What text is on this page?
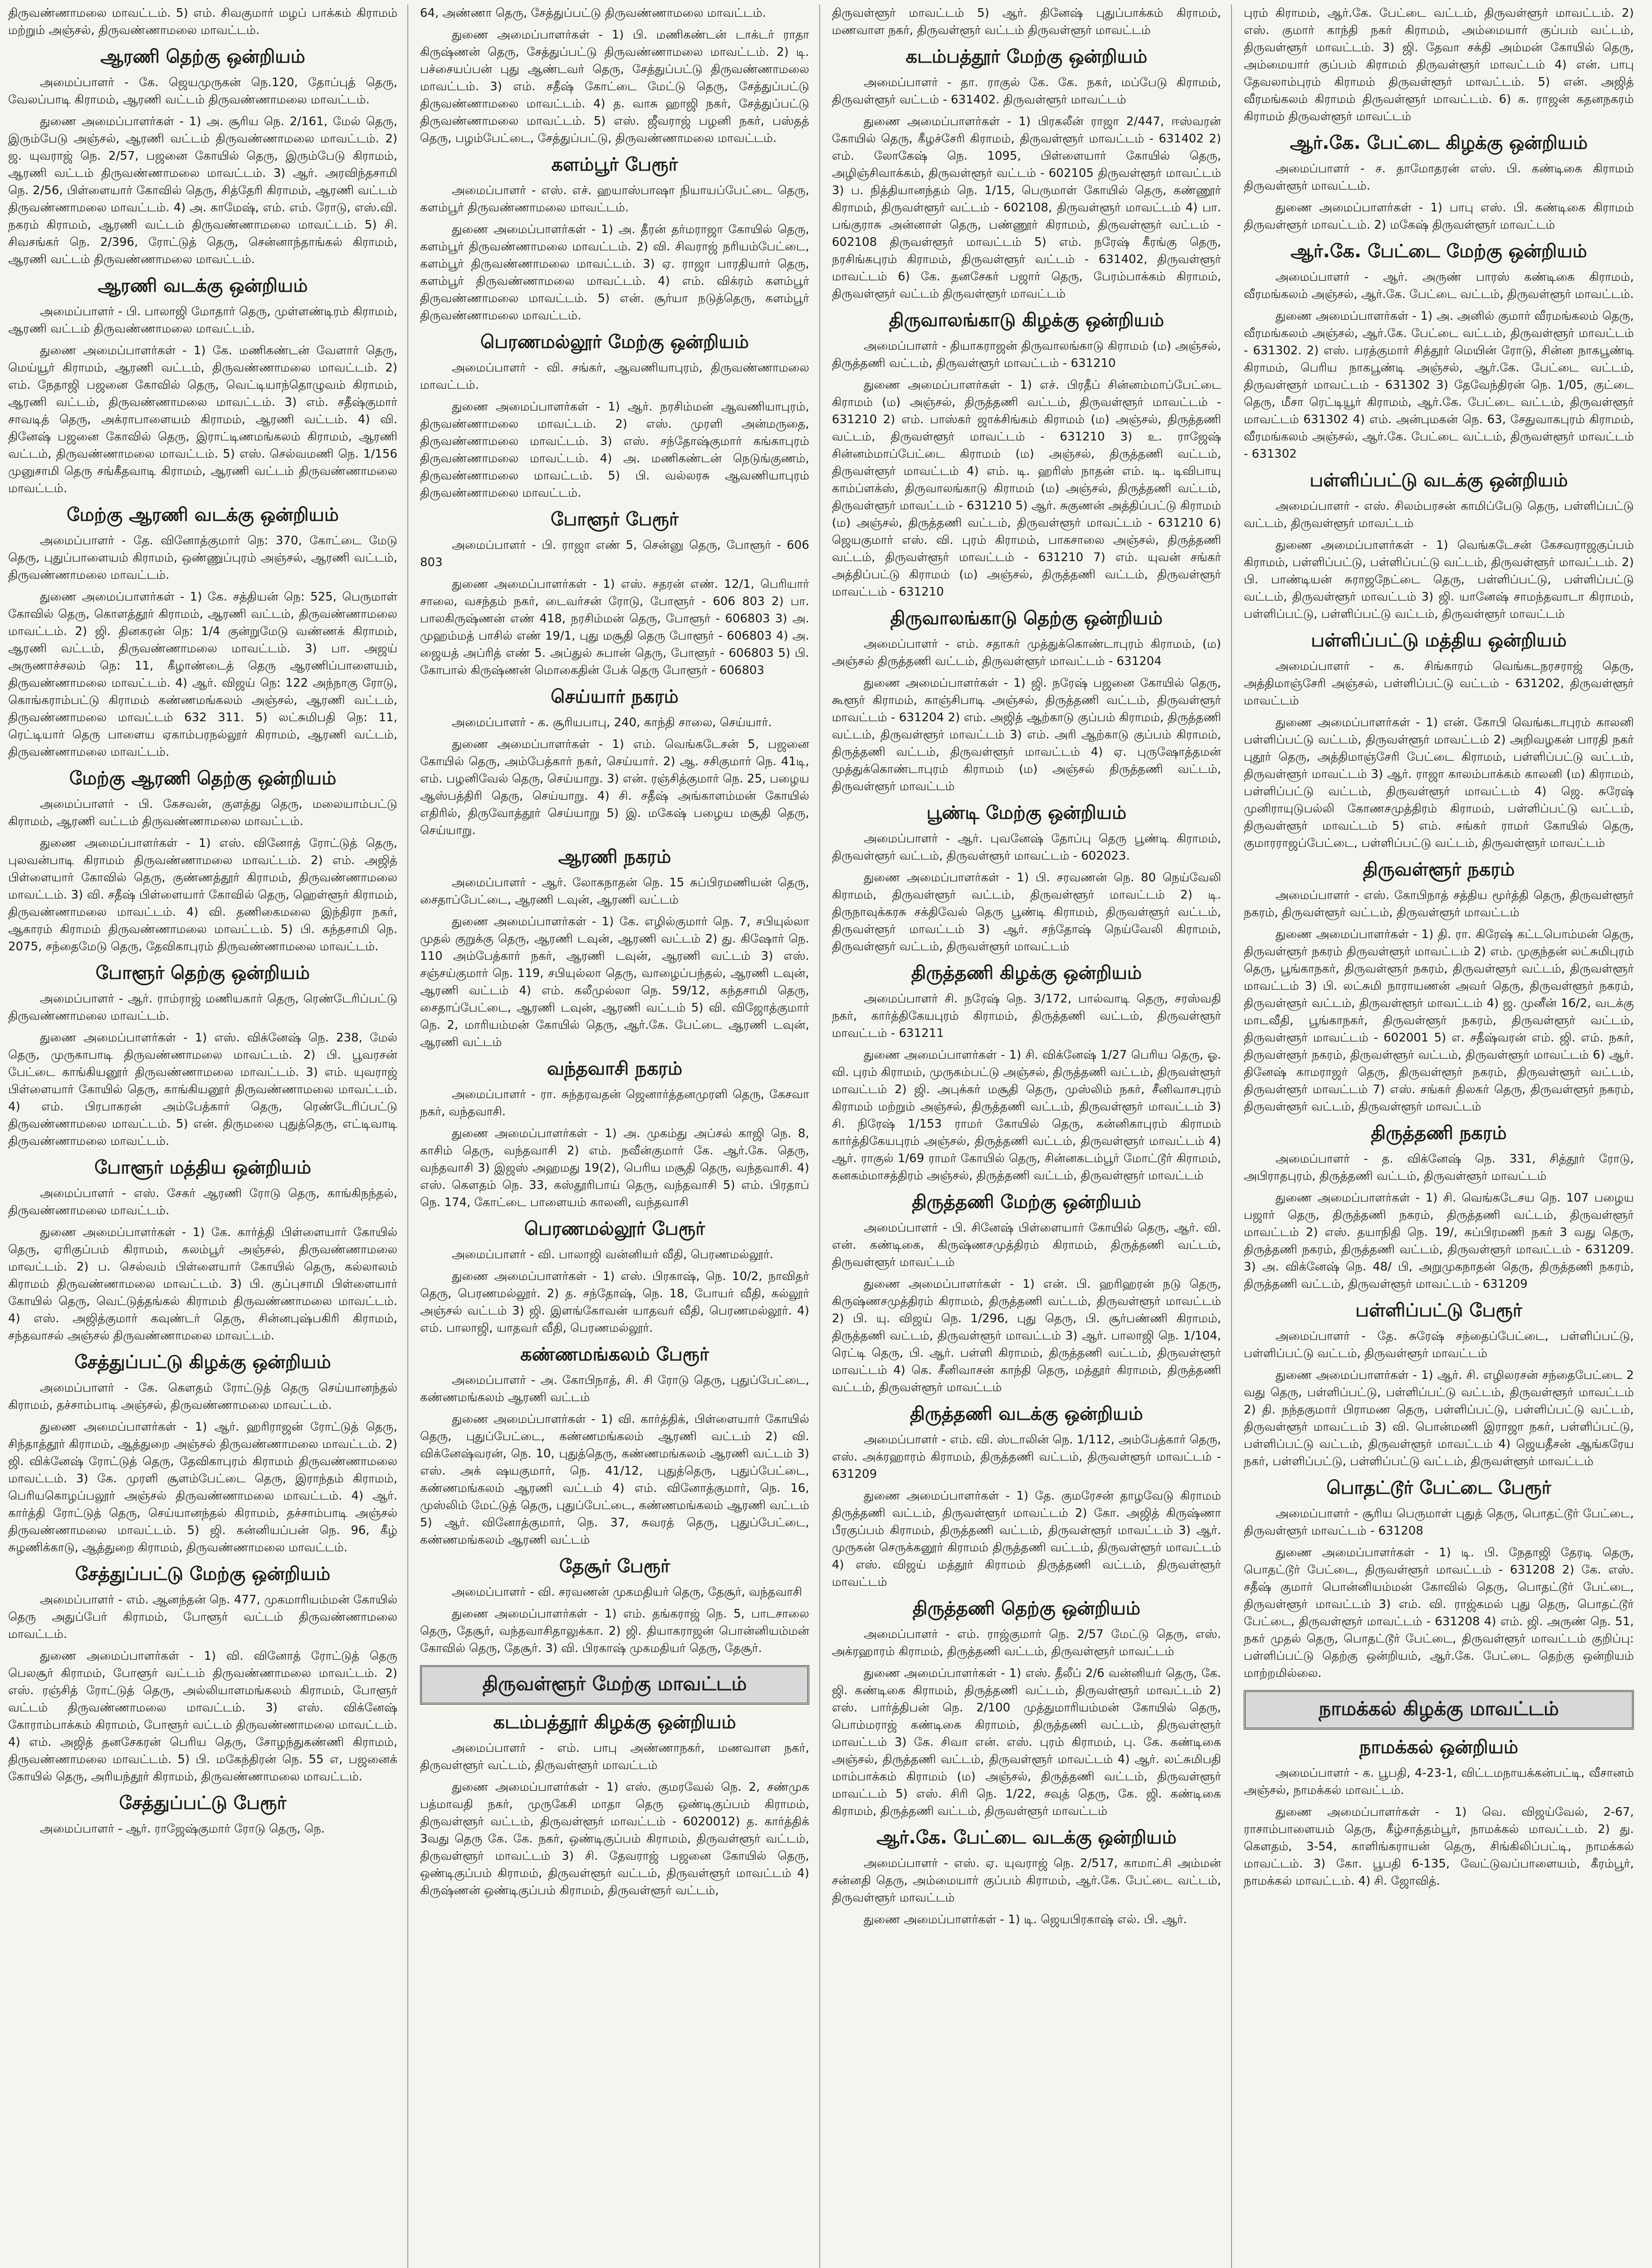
திருவண்ணாமலை மாவட்டம். 5) எம். சிவகுமார் மழப் பாக்கம் கிராமம் மற்றும் அஞ்சல், திருவண்ணாமலை மாவட்டம்.
ஆரணி தெற்கு ஒன்றியம்
அமைப்பாளர் - கே. ஜெயமுருகன் நெ.120, தோப்புத் தெரு, வேலப்பாடி கிராமம், ஆரணி வட்டம் திருவண்ணாமலை மாவட்டம்.
துணை அமைப்பாளர்கள் - 1) அ. சூரிய நெ. 2/161, மேல் தெரு, இரும்பேடு அஞ்சல், ஆரணி வட்டம் திருவண்ணாமலை மாவட்டம். 2) ஜ. யுவராஜ் நெ. 2/57, பஜனை கோயில் தெரு, இரும்பேடு கிராமம், ஆரணி வட்டம் திருவண்ணாமலை மாவட்டம். 3) ஆர். அரவிந்தசாமி நெ. 2/56, பிள்ளையார் கோவில் தெரு, சித்தேரி கிராமம், ஆரணி வட்டம் திருவண்ணாமலை மாவட்டம். 4) அ. காமேஷ், எம். எம். ரோடு, எஸ்.வி. நகரம் கிராமம், ஆரணி வட்டம் திருவண்ணாமலை மாவட்டம். 5) சி. சிவசங்கர் நெ. 2/396, ரோட்டுத் தெரு, சென்னாந்தாங்கல் கிராமம், ஆரணி வட்டம் திருவண்ணாமலை மாவட்டம்.
ஆரணி வடக்கு ஒன்றியம்
அமைப்பாளர் - பி. பாலாஜி மோதார் தெரு, முள்ளண்டிரம் கிராமம், ஆரணி வட்டம் திருவண்ணாமலை மாவட்டம்.
துணை அமைப்பாளர்கள் - 1) கே. மணிகண்டன் வேளார் தெரு, மெய்யூர் கிராமம், ஆரணி வட்டம், திருவண்ணாமலை மாவட்டம். 2) எம். நேதாஜி பஜனை கோவில் தெரு, வெட்டியாந்தொழுவம் கிராமம், ஆரணி வட்டம், திருவண்ணாமலை மாவட்டம். 3) எம். சதீஷ்குமார் சாவடித் தெரு, அக்ராபாளையம் கிராமம், ஆரணி வட்டம். 4) வி. தினேஷ் பஜனை கோவில் தெரு, இராட்டிணமங்கலம் கிராமம், ஆரணி வட்டம், திருவண்ணாமலை மாவட்டம். 5) எஸ். செல்வமணி நெ. 1/156 முனுசாமி தெரு சங்கீதவாடி கிராமம், ஆரணி வட்டம் திருவண்ணாமலை மாவட்டம்.
மேற்கு ஆரணி வடக்கு ஒன்றியம்
அமைப்பாளர் - தே. வினோத்குமார் நெ: 370, கோட்டை மேடு தெரு, புதுப்பாளையம் கிராமம், ஒண்ணுப்புரம் அஞ்சல், ஆரணி வட்டம், திருவண்ணாமலை மாவட்டம்.
துணை அமைப்பாளர்கள் - 1) கே. சத்தியன் நெ: 525, பெருமாள் கோவில் தெரு, கொளத்தூர் கிராமம், ஆரணி வட்டம், திருவண்ணாமலை மாவட்டம். 2) ஜி. தினகரன் நெ: 1/4 குன்றுமேடு வண்ணக் கிராமம், ஆரணி வட்டம், திருவண்ணாமலை மாவட்டம். 3) பா. அஜய் அருணாச்சலம் நெ: 11, கீழாண்டைத் தெரு ஆரணிப்பாளையம், திருவண்ணாமலை மாவட்டம். 4) ஆர். விஜய் நெ: 122 அந்நாகு ரோடு, கொங்கராம்பட்டு கிராமம் கண்ணமங்கலம் அஞ்சல், ஆரணி வட்டம், திருவண்ணாமலை மாவட்டம் 632 311. 5) லட்சுமிபதி நெ: 11, ரெட்டியார் தெரு பாளைய ஏகாம்பரநல்லூர் கிராமம், ஆரணி வட்டம், திருவண்ணாமலை மாவட்டம்.
மேற்கு ஆரணி தெற்கு ஒன்றியம்
அமைப்பாளர் - பி. கேசவன், குளத்து தெரு, மலையாம்பட்டு கிராமம், ஆரணி வட்டம் திருவண்ணாமலை மாவட்டம்.
துணை அமைப்பாளர்கள் - 1) எஸ். வினோத் ரோட்டுத் தெரு, புலவன்பாடி கிராமம் திருவண்ணாமலை மாவட்டம். 2) எம். அஜித் பிள்ளையார் கோவில் தெரு, குண்ணத்தூர் கிராமம், திருவண்ணாமலை மாவட்டம். 3) வி. சதீஷ் பிள்ளையார் கோவில் தெரு, ஹெள்ளூர் கிராமம், திருவண்ணாமலை மாவட்டம். 4) வி. தணிகைமலை இந்திரா நகர், ஆகாரம் கிராமம் திருவண்ணாமலை மாவட்டம். 5) பி. கந்தசாமி நெ. 2075, சந்தைமேடு தெரு, தேவிகாபுரம் திருவண்ணாமலை மாவட்டம்.
போளூர் தெற்கு ஒன்றியம்
அமைப்பாளர் - ஆர். ராம்ராஜ் மணியகார் தெரு, ரெண்டேரிப்பட்டு திருவண்ணாமலை மாவட்டம்.
துணை அமைப்பாளர்கள் - 1) எஸ். விக்னேஷ் நெ. 238, மேல் தெரு, முருகாபாடி திருவண்ணாமலை மாவட்டம். 2) பி. பூவரசன் பேட்டை காங்கியனூர் திருவண்ணாமலை மாவட்டம். 3) எம். யுவராஜ் பிள்ளையார் கோயில் தெரு, காங்கியனூர் திருவண்ணாமலை மாவட்டம். 4) எம். பிரபாகரன் அம்பேத்கார் தெரு, ரெண்டேரிப்பட்டு திருவண்ணாமலை மாவட்டம். 5) என். திருமலை புதுத்தெரு, எட்டிவாடி திருவண்ணாமலை மாவட்டம்.
போளூர் மத்திய ஒன்றியம்
அமைப்பாளர் - எஸ். சேகர் ஆரணி ரோடு தெரு, காங்கிநந்தல், திருவண்ணாமலை மாவட்டம்.
துணை அமைப்பாளர்கள் - 1) கே. கார்த்தி பிள்ளையார் கோயில் தெரு, ஏரிகுப்பம் கிராமம், கலம்பூர் அஞ்சல், திருவண்ணாமலை மாவட்டம். 2) ப. செல்வம் பிள்ளையார் கோயில் தெரு, கல்லாலம் கிராமம் திருவண்ணாமலை மாவட்டம். 3) பி. குப்புசாமி பிள்ளையார் கோயில் தெரு, வெட்டுத்தங்கல் கிராமம் திருவண்ணாமலை மாவட்டம். 4) எஸ். அஜித்குமார் கவுண்டர் தெரு, சின்னபுஷ்பகிரி கிராமம், சந்தவாசல் அஞ்சல் திருவண்ணாமலை மாவட்டம்.
சேத்துப்பட்டு கிழக்கு ஒன்றியம்
அமைப்பாளர் - கே. கௌதம் ரோட்டுத் தெரு செய்யானந்தல் கிராமம், தச்சாம்பாடி அஞ்சல், திருவண்ணாமலை மாவட்டம்.
துணை அமைப்பாளர்கள் - 1) ஆர். ஹரிராஜன் ரோட்டுத் தெரு, சிந்தாத்தூர் கிராமம், ஆத்துறை அஞ்சல் திருவண்ணாமலை மாவட்டம். 2) ஜி. விக்னேஷ் ரோட்டுத் தெரு, தேவிகாபுரம் கிராமம் திருவண்ணாமலை மாவட்டம். 3) கே. முரளி சூளம்பேட்டை தெரு, இராந்தம் கிராமம், பெரியகொழப்பலூர் அஞ்சல் திருவண்ணாமலை மாவட்டம். 4) ஆர். கார்த்தி ரோட்டுத் தெரு, செய்யானந்தல் கிராமம், தச்சாம்பாடி அஞ்சல் திருவண்ணாமலை மாவட்டம். 5) ஜி. கன்னியப்பன் நெ. 96, கீழ் சுழணிக்காடு, ஆத்துறை கிராமம், திருவண்ணாமலை மாவட்டம்.
சேத்துப்பட்டு மேற்கு ஒன்றியம்
அமைப்பாளர் - எம். ஆனந்தன் நெ. 477, முகமாரியம்மன் கோயில் தெரு அதுப்பேர் கிராமம், போளூர் வட்டம் திருவண்ணாமலை மாவட்டம்.
துணை அமைப்பாளர்கள் - 1) வி. வினோத் ரோட்டுத் தெரு பெலசூர் கிராமம், போளூர் வட்டம் திருவண்ணாமலை மாவட்டம். 2) எஸ். ரஞ்சித் ரோட்டுத் தெரு, அல்லியாளமங்கலம் கிராமம், போளூர் வட்டம் திருவண்ணாமலை மாவட்டம். 3) எஸ். விக்னேஷ் கோராம்பாக்கம் கிராமம், போளூர் வட்டம் திருவண்ணாமலை மாவட்டம். 4) எம். அஜித் தனசேகரன் பெரிய தெரு, சோழந்துகண்ணி கிராமம், திருவண்ணாமலை மாவட்டம். 5) பி. மகேந்திரன் நெ. 55 எ, பஜனைக் கோயில் தெரு, அரியந்தூர் கிராமம், திருவண்ணாமலை மாவட்டம்.
சேத்துப்பட்டு பேரூர்
அமைப்பாளர் - ஆர். ராஜேஷ்குமார் ரோடு தெரு, நெ.
64, அண்ணா தெரு, சேத்துப்பட்டு திருவண்ணாமலை மாவட்டம்.
துணை அமைப்பாளர்கள் - 1) பி. மணிகண்டன் டாக்டர் ராதா கிருஷ்ணன் தெரு, சேத்துப்பட்டு திருவண்ணாமலை மாவட்டம். 2) டி. பச்சையப்பன் புது ஆண்டவர் தெரு, சேத்துப்பட்டு திருவண்ணாமலை மாவட்டம். 3) எம். சதீஷ் கோட்டை மேட்டு தெரு, சேத்துப்பட்டு திருவண்ணாமலை மாவட்டம். 4) த. வாசு ஹாஜி நகர், சேத்துப்பட்டு திருவண்ணாமலை மாவட்டம். 5) எஸ். ஜீவராஜ் பழனி நகர், பஸ்தத் தெரு, பழம்பேட்டை, சேத்துப்பட்டு, திருவண்ணாமலை மாவட்டம்.
களம்பூர் பேரூர்
அமைப்பாளர் - எஸ். எச். ஹயாஸ்பாஷா நியாயப்பேட்டை தெரு, களம்பூர் திருவண்ணாமலை மாவட்டம்.
துணை அமைப்பாளர்கள் - 1) அ. தீரன் தர்மராஜா கோயில் தெரு, களம்பூர் திருவண்ணாமலை மாவட்டம். 2) வி. சிவராஜ் நரியம்பேட்டை, களம்பூர் திருவண்ணாமலை மாவட்டம். 3) ஏ. ராஜா பாரதியார் தெரு, களம்பூர் திருவண்ணாமலை மாவட்டம். 4) எம். விக்ரம் களம்பூர் திருவண்ணாமலை மாவட்டம். 5) என். சூர்யா நடுத்தெரு, களம்பூர் திருவண்ணாமலை மாவட்டம்.
பெரணமல்லூர் மேற்கு ஒன்றியம்
அமைப்பாளர் - வி. சங்கர், ஆவணியாபுரம், திருவண்ணாமலை மாவட்டம்.
துணை அமைப்பாளர்கள் - 1) ஆர். நரசிம்மன் ஆவணியாபுரம், திருவண்ணாமலை மாவட்டம். 2) எஸ். முரளி அன்மருதை, திருவண்ணாமலை மாவட்டம். 3) எஸ். சந்தோஷ்குமார் கங்காபுரம் திருவண்ணாமலை மாவட்டம். 4) அ. மணிகண்டன் நெடுங்குணம், திருவண்ணாமலை மாவட்டம். 5) பி. வல்லரசு ஆவணியாபுரம் திருவண்ணாமலை மாவட்டம்.
போளூர் பேரூர்
அமைப்பாளர் - பி. ராஜா எண் 5, சென்னு தெரு, போளூர் - 606 803
துணை அமைப்பாளர்கள் - 1) எஸ். சதரன் எண். 12/1, பெரியார் சாலை, வசந்தம் நகர், டைவர்சன் ரோடு, போளூர் - 606 803 2) பா. பாலகிருஷ்ணன் எண் 418, நரசிம்மன் தெரு, போளூர் - 606803 3) அ. முஹம்மத் பாசில் எண் 19/1, புது மசூதி தெரு போளூர் - 606803 4) அ. ஜையத் அப்ரித் எண் 5. அப்துல் சுபான் தெரு, போளூர் - 606803 5) பி. கோபால் கிருஷ்ணன் மொகைதின் பேக் தெரு போளூர் - 606803
செய்யார் நகரம்
அமைப்பாளர் - க. சூரியபாபு, 240, காந்தி சாலை, செய்யார்.
துணை அமைப்பாளர்கள் - 1) எம். வெங்கடேசன் 5, பஜனை கோயில் தெரு, அம்பேத்கார் நகர், செய்யார். 2) ஆ. சசிகுமார் நெ. 41டி, எம். பழனிவேல் தெரு, செய்யாறு. 3) என். ரஞ்சித்குமார் நெ. 25, பழைய ஆஸ்பத்திரி தெரு, செய்யாறு. 4) சி. சதீஷ் அங்காளம்மன் கோயில் எதிரில், திருவோத்தூர் செய்யாறு 5) இ. மகேஷ் பழைய மசூதி தெரு, செய்யாறு.
ஆரணி நகரம்
அமைப்பாளர் - ஆர். லோகநாதன் நெ. 15 சுப்பிரமணியன் தெரு, சைதாப்பேட்டை, ஆரணி டவுன், ஆரணி வட்டம்
துணை அமைப்பாளர்கள் - 1) கே. எழில்குமார் நெ. 7, சபியுல்லா முதல் குறுக்கு தெரு, ஆரணி டவுன், ஆரணி வட்டம் 2) து. கிஷோர் நெ. 110 அம்பேத்கார் நகர், ஆரணி டவுன், ஆரணி வட்டம் 3) எஸ். சஞ்சய்குமார் நெ. 119, சபியுல்லா தெரு, வாழைப்பந்தல், ஆரணி டவுன், ஆரணி வட்டம் 4) எம். கலீமுல்லா நெ. 59/12, கந்தசாமி தெரு, சைதாப்பேட்டை, ஆரணி டவுன், ஆரணி வட்டம் 5) வி. விஜோத்குமார் நெ. 2, மாரியம்மன் கோயில் தெரு, ஆர்.கே. பேட்டை ஆரணி டவுன், ஆரணி வட்டம்
வந்தவாசி நகரம்
அமைப்பாளர் - ரா. சுந்தரவதன் ஜெனார்த்தனமுரளி தெரு, கேசவா நகர், வந்தவாசி.
துணை அமைப்பாளர்கள் - 1) அ. முகம்து அப்சல் காஜி நெ. 8, காசிம் தெரு, வந்தவாசி 2) எம். நவீன்குமார் கே. ஆர்.கே. தெரு, வந்தவாசி 3) இஜஸ் அஹமது 19(2), பெரிய மசூதி தெரு, வந்தவாசி. 4) எஸ். கௌதம் நெ. 33, கஸ்தூரிபாய் தெரு, வந்தவாசி 5) எம். பிரதாப் நெ. 174, கோட்டை பாளையம் காலனி, வந்தவாசி
பெரணமல்லூர் பேரூர்
அமைப்பாளர் - வி. பாலாஜி வன்னியர் வீதி, பெரணமல்லூர்.
துணை அமைப்பாளர்கள் - 1) எஸ். பிரகாஷ், நெ. 10/2, நாவிதர் தெரு, பெரணமல்லூர். 2) த. சந்தோஷ், நெ. 18, போயர் வீதி, கல்லூர் அஞ்சல் வட்டம் 3) ஜி. இளங்கோவன் யாதவர் வீதி, பெரணமல்லூர். 4) எம். பாலாஜி, யாதவர் வீதி, பெரணமல்லூர்.
கண்ணமங்கலம் பேரூர்
அமைப்பாளர் - அ. கோபிநாத், சி. சி ரோடு தெரு, புதுப்பேட்டை, கண்ணமங்கலம் ஆரணி வட்டம்
துணை அமைப்பாளர்கள் - 1) வி. கார்த்திக், பிள்ளையார் கோயில் தெரு, புதுப்பேட்டை, கண்ணமங்கலம் ஆரணி வட்டம் 2) வி. விக்னேஷ்வரன், நெ. 10, புதுத்தெரு, கண்ணமங்கலம் ஆரணி வட்டம் 3) எஸ். அக் ஷயகுமார், நெ. 41/12, புதுத்தெரு, புதுப்பேட்டை, கண்ணமங்கலம் ஆரணி வட்டம் 4) எம். வினோத்குமார், நெ. 16, முஸ்லிம் மேட்டுத் தெரு, புதுப்பேட்டை, கண்ணமங்கலம் ஆரணி வட்டம் 5) ஆர். வினோத்குமார், நெ. 37, சுவரத் தெரு, புதுப்பேட்டை, கண்ணமங்கலம் ஆரணி வட்டம்
தேசூர் பேரூர்
அமைப்பாளர் - வி. சரவணன் முகமதியர் தெரு, தேசூர், வந்தவாசி
துணை அமைப்பாளர்கள் - 1) எம். தங்கராஜ் நெ. 5, பாடசாலை தெரு, தேசூர், வந்தவாசிதாலுக்கா. 2) ஜி. தியாகராஜன் பொன்னியம்மன் கோவில் தெரு, தேசூர். 3) வி. பிரகாஷ் முகமதியர் தெரு, தேசூர்.
திருவள்ளூர் மேற்கு மாவட்டம்
கடம்பத்தூர் கிழக்கு ஒன்றியம்
அமைப்பாளர் - எம். பாபு அண்ணாநகர், மணவாள நகர், திருவள்ளூர் வட்டம், திருவள்ளூர் மாவட்டம்
துணை அமைப்பாளர்கள் - 1) எஸ். குமரவேல் நெ. 2, சண்முக பத்மாவதி நகர், முருகேசி மாதா தெரு ஒண்டிகுப்பம் கிராமம், திருவள்ளூர் வட்டம், திருவள்ளூர் மாவட்டம் - 6020012) த. கார்த்திக் 3வது தெரு கே. கே. நகர், ஒண்டிகுப்பம் கிராமம், திருவள்ளூர் வட்டம், திருவள்ளூர் மாவட்டம் 3) சி. தேவராஜ் பஜனை கோயில் தெரு, ஒண்டிகுப்பம் கிராமம், திருவள்ளூர் வட்டம், திருவள்ளூர் மாவட்டம் 4) கிருஷ்ணன் ஒண்டிகுப்பம் கிராமம், திருவள்ளூர் வட்டம்,
திருவள்ளூர் மாவட்டம் 5) ஆர். தினேஷ் புதுப்பாக்கம் கிராமம், மணவாள நகர், திருவள்ளூர் வட்டம் திருவள்ளூர் மாவட்டம்
கடம்பத்தூர் மேற்கு ஒன்றியம்
அமைப்பாளர் - தா. ராகுல் கே. கே. நகர், மப்பேடு கிராமம், திருவள்ளூர் வட்டம் - 631402. திருவள்ளூர் மாவட்டம்
துணை அமைப்பாளர்கள் - 1) பிரகலீன் ராஜா 2/447, ஈஸ்வரன் கோயில் தெரு, கீழச்சேரி கிராமம், திருவள்ளூர் மாவட்டம் - 631402 2) எம். லோகேஷ் நெ. 1095, பிள்ளையார் கோயில் தெரு, அழிஞ்சிவாக்கம், திருவள்ளூர் வட்டம் - 602105 திருவள்ளூர் மாவட்டம் 3) ப. நித்தியானந்தம் நெ. 1/15, பெருமாள் கோயில் தெரு, கண்ணூர் கிராமம், திருவள்ளூர் வட்டம் - 602108, திருவள்ளூர் மாவட்டம் 4) பா. பங்குராசு அன்னாள் தெரு, பண்ணூர் கிராமம், திருவள்ளூர் வட்டம் - 602108 திருவள்ளூர் மாவட்டம் 5) எம். நரேஷ் கீரங்கு தெரு, நரசிங்கபுரம் கிராமம், திருவள்ளூர் வட்டம் - 631402, திருவள்ளூர் மாவட்டம் 6) கே. தனசேகர் பஜார் தெரு, பேரம்பாக்கம் கிராமம், திருவள்ளூர் வட்டம் திருவள்ளூர் மாவட்டம்
திருவாலங்காடு கிழக்கு ஒன்றியம்
அமைப்பாளர் - தியாகராஜன் திருவாலங்காடு கிராமம் (ம) அஞ்சல், திருத்தணி வட்டம், திருவள்ளூர் மாவட்டம் - 631210
துணை அமைப்பாளர்கள் - 1) எச். பிரதீப் சின்னம்மாப்பேட்டை கிராமம் (ம) அஞ்சல், திருத்தணி வட்டம், திருவள்ளூர் மாவட்டம் - 631210 2) எம். பாஸ்கர் ஜாக்சிங்கம் கிராமம் (ம) அஞ்சல், திருத்தணி வட்டம், திருவள்ளூர் மாவட்டம் - 631210 3) உ. ராஜேஷ் சின்னம்மாப்பேட்டை கிராமம் (ம) அஞ்சல், திருத்தணி வட்டம், திருவள்ளூர் மாவட்டம் 4) எம். டி. ஹரிஸ் நாதன் எம். டி. டிவிபாயு காம்ப்ளக்ஸ், திருவாலங்காடு கிராமம் (ம) அஞ்சல், திருத்தணி வட்டம், திருவள்ளூர் மாவட்டம் - 631210 5) ஆர். சுகுணன் அத்திப்பட்டு கிராமம் (ம) அஞ்சல், திருத்தணி வட்டம், திருவள்ளூர் மாவட்டம் - 631210 6) ஜெயகுமார் எஸ். வி. புரம் கிராமம், பாகசாலை அஞ்சல், திருத்தணி வட்டம், திருவள்ளூர் மாவட்டம் - 631210 7) எம். யுவன் சங்கர் அத்திப்பட்டு கிராமம் (ம) அஞ்சல், திருத்தணி வட்டம், திருவள்ளூர் மாவட்டம் - 631210
திருவாலங்காடு தெற்கு ஒன்றியம்
அமைப்பாளர் - எம். சதாகர் முத்துக்கொண்டாபுரம் கிராமம், (ம) அஞ்சல் திருத்தணி வட்டம், திருவள்ளூர் மாவட்டம் - 631204
துணை அமைப்பாளர்கள் - 1) ஜி. நரேஷ் பஜனை கோயில் தெரு, கூளூர் கிராமம், காஞ்சிபாடி அஞ்சல், திருத்தணி வட்டம், திருவள்ளூர் மாவட்டம் - 631204 2) எம். அஜித் ஆற்காடு குப்பம் கிராமம், திருத்தணி வட்டம், திருவள்ளூர் மாவட்டம் 3) எம். அரி ஆற்காடு குப்பம் கிராமம், திருத்தணி வட்டம், திருவள்ளூர் மாவட்டம் 4) ஏ. புருஷோத்தமன் முத்துக்கொண்டாபுரம் கிராமம் (ம) அஞ்சல் திருத்தணி வட்டம், திருவள்ளூர் மாவட்டம்
பூண்டி மேற்கு ஒன்றியம்
அமைப்பாளர் - ஆர். புவனேஷ் தோப்பு தெரு பூண்டி கிராமம், திருவள்ளூர் வட்டம், திருவள்ளூர் மாவட்டம் - 602023.
துணை அமைப்பாளர்கள் - 1) பி. சரவணன் நெ. 80 நெய்வேலி கிராமம், திருவள்ளூர் வட்டம், திருவள்ளூர் மாவட்டம் 2) டி. திருநாவுக்கரசு சக்திவேல் தெரு பூண்டி கிராமம், திருவள்ளூர் வட்டம், திருவள்ளூர் மாவட்டம் 3) ஆர். சந்தோஷ் நெய்வேலி கிராமம், திருவள்ளூர் வட்டம், திருவள்ளூர் மாவட்டம்
திருத்தணி கிழக்கு ஒன்றியம்
அமைப்பாளர் சி. நரேஷ் நெ. 3/172, பால்வாடி தெரு, சரஸ்வதி நகர், கார்த்திகேயபுரம் கிராமம், திருத்தணி வட்டம், திருவள்ளூர் மாவட்டம் - 631211
துணை அமைப்பாளர்கள் - 1) சி. விக்னேஷ் 1/27 பெரிய தெரு, ஓ. வி. புரம் கிராமம், முருகம்பட்டு அஞ்சல், திருத்தணி வட்டம், திருவள்ளூர் மாவட்டம் 2) ஜி. அபுக்கர் மசூதி தெரு, முஸ்லிம் நகர், சீனிவாசபுரம் கிராமம் மற்றும் அஞ்சல், திருத்தணி வட்டம், திருவள்ளூர் மாவட்டம் 3) சி. நிரேஷ் 1/153 ராமர் கோயில் தெரு, கன்னிகாபுரம் கிராமம் கார்த்திகேயபுரம் அஞ்சல், திருத்தணி வட்டம், திருவள்ளூர் மாவட்டம் 4) ஆர். ராகுல் 1/69 ராமர் கோயில் தெரு, சின்னகடம்பூர் மோட்டூர் கிராமம், கனகம்மாசத்திரம் அஞ்சல், திருத்தணி வட்டம், திருவள்ளூர் மாவட்டம்
திருத்தணி மேற்கு ஒன்றியம்
அமைப்பாளர் - பி. சினேஷ் பிள்ளையார் கோயில் தெரு, ஆர். வி. என். கண்டிகை, கிருஷ்ணசமுத்திரம் கிராமம், திருத்தணி வட்டம், திருவள்ளூர் மாவட்டம்
துணை அமைப்பாளர்கள் - 1) என். பி. ஹரிஹரன் நடு தெரு, கிருஷ்ணசமுத்திரம் கிராமம், திருத்தணி வட்டம், திருவள்ளூர் மாவட்டம் 2) பி. யு. விஜய் நெ. 1/296, புது தெரு, பி. சூர்பண்ணி கிராமம், திருத்தணி வட்டம், திருவள்ளூர் மாவட்டம் 3) ஆர். பாலாஜி நெ. 1/104, ரெட்டி தெரு, பி. ஆர். பள்ளி கிராமம், திருத்தணி வட்டம், திருவள்ளூர் மாவட்டம் 4) கெ. சீனிவாசன் காந்தி தெரு, மத்தூர் கிராமம், திருத்தணி வட்டம், திருவள்ளூர் மாவட்டம்
திருத்தணி வடக்கு ஒன்றியம்
அமைப்பாளர் - எம். வி. ஸ்டாலின் நெ. 1/112, அம்பேத்கார் தெரு, எஸ். அக்ரஹாரம் கிராமம், திருத்தணி வட்டம், திருவள்ளூர் மாவட்டம் - 631209
துணை அமைப்பாளர்கள் - 1) தே. குமரேசன் தாழவேடு கிராமம் திருத்தணி வட்டம், திருவள்ளூர் மாவட்டம் 2) கோ. அஜித் கிருஷ்ணா பீரகுப்பம் கிராமம், திருத்தணி வட்டம், திருவள்ளூர் மாவட்டம் 3) ஆர். முருகன் செருக்கனூர் கிராமம் திருத்தணி வட்டம், திருவள்ளூர் மாவட்டம் 4) எஸ். விஜய் மத்தூர் கிராமம் திருத்தணி வட்டம், திருவள்ளூர் மாவட்டம்
திருத்தணி தெற்கு ஒன்றியம்
அமைப்பாளர் - எம். ராஜ்குமார் நெ. 2/57 மேட்டு தெரு, எஸ். அக்ரஹாரம் கிராமம், திருத்தணி வட்டம், திருவள்ளூர் மாவட்டம்
துணை அமைப்பாளர்கள் - 1) எஸ். தீலீப் 2/6 வன்னியர் தெரு, கே. ஜி. கண்டிகை கிராமம், திருத்தணி வட்டம், திருவள்ளூர் மாவட்டம் 2) எஸ். பார்த்திபன் நெ. 2/100 முத்துமாரியம்மன் கோயில் தெரு, பொம்மராஜ் கண்டிகை கிராமம், திருத்தணி வட்டம், திருவள்ளூர் மாவட்டம் 3) கே. சிவா என். எஸ். புரம் கிராமம், பு. கே. கண்டிகை அஞ்சல், திருத்தணி வட்டம், திருவள்ளூர் மாவட்டம் 4) ஆர். லட்சுமிபதி மாம்பாக்கம் கிராமம் (ம) அஞ்சல், திருத்தணி வட்டம், திருவள்ளூர் மாவட்டம் 5) எஸ். சிரி நெ. 1/22, சவுத் தெரு, கே. ஜி. கண்டிகை கிராமம், திருத்தணி வட்டம், திருவள்ளூர் மாவட்டம்
ஆர்.கே. பேட்டை வடக்கு ஒன்றியம்
அமைப்பாளர் - எஸ். ஏ. யுவராஜ் நெ. 2/517, காமாட்சி அம்மன் சன்னதி தெரு, அம்மையார் குப்பம் கிராமம், ஆர்.கே. பேட்டை வட்டம், திருவள்ளூர் மாவட்டம்
துணை அமைப்பாளர்கள் - 1) டி. ஜெயபிரகாஷ் எல். பி. ஆர்.
புரம் கிராமம், ஆர்.கே. பேட்டை வட்டம், திருவள்ளூர் மாவட்டம். 2) எஸ். குமார் காந்தி நகர் கிராமம், அம்மையார் குப்பம் வட்டம், திருவள்ளூர் மாவட்டம். 3) ஜி. தேவா சக்தி அம்மன் கோயில் தெரு, அம்மையார் குப்பம் கிராமம் திருவள்ளூர் மாவட்டம் 4) என். பாபு தேவலாம்புரம் கிராமம் திருவள்ளூர் மாவட்டம். 5) என். அஜித் வீரமங்கலம் கிராமம் திருவள்ளூர் மாவட்டம். 6) க. ராஜன் கதனநகரம் கிராமம் திருவள்ளூர் மாவட்டம்
ஆர்.கே. பேட்டை கிழக்கு ஒன்றியம்
அமைப்பாளர் - ச. தாமோதரன் எஸ். பி. கண்டிகை கிராமம் திருவள்ளூர் மாவட்டம்.
துணை அமைப்பாளர்கள் - 1) பாபு எஸ். பி. கண்டிகை கிராமம் திருவள்ளூர் மாவட்டம். 2) மகேஷ் திருவள்ளூர் மாவட்டம்
ஆர்.கே. பேட்டை மேற்கு ஒன்றியம்
அமைப்பாளர் - ஆர். அருண் பாரஸ் கண்டிகை கிராமம், வீரமங்கலம் அஞ்சல், ஆர்.கே. பேட்டை வட்டம், திருவள்ளூர் மாவட்டம்.
துணை அமைப்பாளர்கள் - 1) அ. அனில் குமார் வீரமங்கலம் தெரு, வீரமங்கலம் அஞ்சல், ஆர்.கே. பேட்டை வட்டம், திருவள்ளூர் மாவட்டம் - 631302. 2) எஸ். பரத்குமார் சித்தூர் மெயின் ரோடு, சின்ன நாகபூண்டி கிராமம், பெரிய நாகபூண்டி அஞ்சல், ஆர்.கே. பேட்டை வட்டம், திருவள்ளூர் மாவட்டம் - 631302 3) தேவேந்திரன் நெ. 1/05, குட்டை தெரு, மீசா ரெட்டியூர் கிராமம், ஆர்.கே. பேட்டை வட்டம், திருவள்ளூர் மாவட்டம் 631302 4) எம். அன்புமகன் நெ. 63, சேதுவாகபுரம் கிராமம், வீரமங்கலம் அஞ்சல், ஆர்.கே. பேட்டை வட்டம், திருவள்ளூர் மாவட்டம் - 631302
பள்ளிப்பட்டு வடக்கு ஒன்றியம்
அமைப்பாளர் - எஸ். சிலம்பரசன் காமிப்பேடு தெரு, பள்ளிப்பட்டு வட்டம், திருவள்ளூர் மாவட்டம்
துணை அமைப்பாளர்கள் - 1) வெங்கடேசன் கேசவராஜகுப்பம் கிராமம், பள்ளிப்பட்டு, பள்ளிப்பட்டு வட்டம், திருவள்ளூர் மாவட்டம். 2) பி. பாண்டியன் சுராஜநேட்டை தெரு, பள்ளிப்பட்டு, பள்ளிப்பட்டு வட்டம், திருவள்ளூர் மாவட்டம் 3) ஜி. யானேஷ் சாமந்தவாடா கிராமம், பள்ளிப்பட்டு, பள்ளிப்பட்டு வட்டம், திருவள்ளூர் மாவட்டம்
பள்ளிப்பட்டு மத்திய ஒன்றியம்
அமைப்பாளர் - க. சிங்காரம் வெங்கடநரசராஜ் தெரு, அத்திமாஞ்சேரி அஞ்சல், பள்ளிப்பட்டு வட்டம் - 631202, திருவள்ளூர் மாவட்டம்
துணை அமைப்பாளர்கள் - 1) என். கோபி வெங்கடாபுரம் காலனி பள்ளிப்பட்டு வட்டம், திருவள்ளூர் மாவட்டம் 2) அறிவழகன் பாரதி நகர் புதூர் தெரு, அத்திமாஞ்சேரி பேட்டை கிராமம், பள்ளிப்பட்டு வட்டம், திருவள்ளூர் மாவட்டம் 3) ஆர். ராஜா காலம்பாக்கம் காலனி (ம) கிராமம், பள்ளிப்பட்டு வட்டம், திருவள்ளூர் மாவட்டம் 4) ஜெ. சுரேஷ் முனிராயுடுபல்லி கோணசமுத்திரம் கிராமம், பள்ளிப்பட்டு வட்டம், திருவள்ளூர் மாவட்டம் 5) எம். சங்கர் ராமர் கோயில் தெரு, குமாரராஜப்பேட்டை, பள்ளிப்பட்டு வட்டம், திருவள்ளூர் மாவட்டம்
திருவள்ளூர் நகரம்
அமைப்பாளர் - எஸ். கோபிநாத் சத்திய மூர்த்தி தெரு, திருவள்ளூர் நகரம், திருவள்ளூர் வட்டம், திருவள்ளூர் மாவட்டம்
துணை அமைப்பாளர்கள் - 1) தி. ரா. கிரேஷ் கட்டபொம்மன் தெரு, திருவள்ளூர் நகரம் திருவள்ளூர் மாவட்டம் 2) எம். முகுந்தன் லட்சுமிபுரம் தெரு, பூங்காநகர், திருவள்ளூர் நகரம், திருவள்ளூர் வட்டம், திருவள்ளூர் மாவட்டம் 3) பி. லட்சுமி நாராயணன் அவர் தெரு, திருவள்ளூர் நகரம், திருவள்ளூர் வட்டம், திருவள்ளூர் மாவட்டம் 4) ஜ. முனீன் 16/2, வடக்கு மாடவீதி, பூங்காநகர், திருவள்ளூர் நகரம், திருவள்ளூர் வட்டம், திருவள்ளூர் மாவட்டம் - 602001 5) எ. சதீஷ்வரன் எம். ஜி. எம். நகர், திருவள்ளூர் நகரம், திருவள்ளூர் வட்டம், திருவள்ளூர் மாவட்டம் 6) ஆர். தினேஷ் காமராஜர் தெரு, திருவள்ளூர் நகரம், திருவள்ளூர் வட்டம், திருவள்ளூர் மாவட்டம் 7) எஸ். சங்கர் திலகர் தெரு, திருவள்ளூர் நகரம், திருவள்ளூர் வட்டம், திருவள்ளூர் மாவட்டம்
திருத்தணி நகரம்
அமைப்பாளர் - த. விக்னேஷ் நெ. 331, சித்தூர் ரோடு, அபிராதபுரம், திருத்தணி வட்டம், திருவள்ளூர் மாவட்டம்
துணை அமைப்பாளர்கள் - 1) சி. வெங்கடேசய நெ. 107 பழைய பஜார் தெரு, திருத்தணி நகரம், திருத்தணி வட்டம், திருவள்ளூர் மாவட்டம் 2) எஸ். தயாநிதி நெ. 19/, சுப்பிரமணி நகர் 3 வது தெரு, திருத்தணி நகரம், திருத்தணி வட்டம், திருவள்ளூர் மாவட்டம் - 631209. 3) அ. விக்னேஷ் நெ. 48/ பி, அறுமுகநாதன் தெரு, திருத்தணி நகரம், திருத்தணி வட்டம், திருவள்ளூர் மாவட்டம் - 631209
பள்ளிப்பட்டு பேரூர்
அமைப்பாளர் - தே. சுரேஷ் சந்தைப்பேட்டை, பள்ளிப்பட்டு, பள்ளிப்பட்டு வட்டம், திருவள்ளூர் மாவட்டம்
துணை அமைப்பாளர்கள் - 1) ஆர். சி. எழிலரசன் சந்தைபேட்டை 2 வது தெரு, பள்ளிப்பட்டு, பள்ளிப்பட்டு வட்டம், திருவள்ளூர் மாவட்டம் 2) தி. நந்தகுமார் பிராமண தெரு, பள்ளிப்பட்டு, பள்ளிப்பட்டு வட்டம், திருவள்ளூர் மாவட்டம் 3) வி. பொன்மணி இராஜா நகர், பள்ளிப்பட்டு, பள்ளிப்பட்டு வட்டம், திருவள்ளூர் மாவட்டம் 4) ஜெயதீசன் ஆங்கரேய நகர், பள்ளிப்பட்டு, பள்ளிப்பட்டு வட்டம், திருவள்ளூர் மாவட்டம்
பொதட்டூர் பேட்டை பேரூர்
அமைப்பாளர் - சூரிய பெருமாள் புதுத் தெரு, பொதட்டூர் பேட்டை, திருவள்ளூர் மாவட்டம் - 631208
துணை அமைப்பாளர்கள் - 1) டி. பி. நேதாஜி தேரடி தெரு, பொதட்டூர் பேட்டை, திருவள்ளூர் மாவட்டம் - 631208 2) கே. எஸ். சதீஷ் குமார் பொன்னியம்மன் கோவில் தெரு, பொதட்டூர் பேட்டை, திருவள்ளூர் மாவட்டம் 3) எம். வி. ராஜ்கமல் புது தெரு, பொதட்டூர் பேட்டை, திருவள்ளூர் மாவட்டம் - 631208 4) எம். ஜி. அருண் நெ. 51, நகர் முதல் தெரு, பொதட்டூர் பேட்டை, திருவள்ளூர் மாவட்டம் குறிப்பு: பள்ளிப்பட்டு தெற்கு ஒன்றியம், ஆர்.கே. பேட்டை தெற்கு ஒன்றியம் மாற்றமில்லை.
நாமக்கல் கிழக்கு மாவட்டம்
நாமக்கல் ஒன்றியம்
அமைப்பாளர் - க. பூபதி, 4-23-1, விட்டமநாயக்கன்பட்டி, வீசானம் அஞ்சல், நாமக்கல் மாவட்டம்.
துணை அமைப்பாளர்கள் - 1) வெ. விஜய்வேல், 2-67, ராசாம்பாளையம் தெரு, கீழ்சாத்தம்பூர், நாமக்கல் மாவட்டம். 2) து. கெளதம், 3-54, காளிங்கராயன் தெரு, சிங்கிலிப்பட்டி, நாமக்கல் மாவட்டம். 3) கோ. பூபதி 6-135, வேட்டுவப்பாளையம், கீரம்பூர், நாமக்கல் மாவட்டம். 4) சி. ஜோவித்.
